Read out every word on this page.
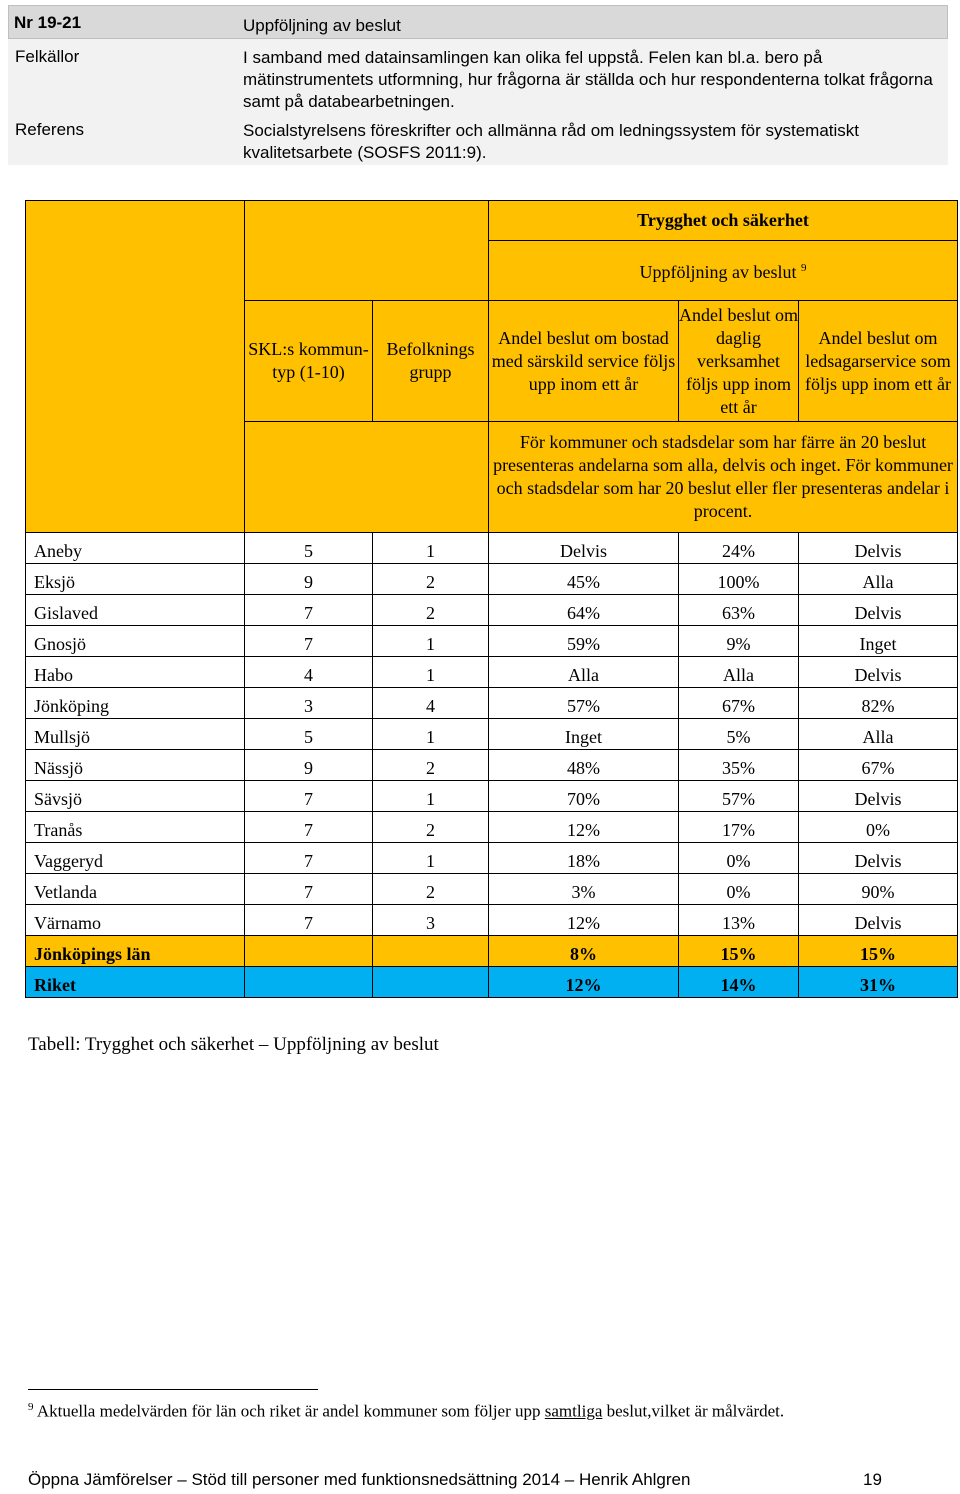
Nr 19-21	Uppföljning av beslut
Felkällor	I samband med datainsamlingen kan olika fel uppstå. Felen kan bl.a. bero på mätinstrumentets utformning, hur frågorna är ställda och hur respondenterna tolkat frågorna samt på databearbetningen.
Referens	Socialstyrelsens föreskrifter och allmänna råd om ledningssystem för systematiskt kvalitetsarbete (SOSFS 2011:9).
			Trygghet och säkerhet		
			Uppföljning av beslut $^9$
	SKL:s kommun-typ (1-10)	Befolknings grupp	Andel beslut om bostad med särskild service följs upp inom ett år	Andel beslut om daglig verksamhet följs upp inom ett år	Andel beslut om ledsagarservice som följs upp inom ett år
			För kommuner och stadsdelar som har färre än 20 beslut presenteras andelarna som alla, delvis och inget. För kommuner och stadsdelar som har 20 beslut eller fler presenteras andelar i procent.		
Aneby	5	1	Delvis	24%	Delvis
Eksjö	9	2	45%	100%	Alla
Gislaved	7	2	64%	63%	Delvis
Gnosjö	7	1	59%	9%	Inget
Habo	4	1	Alla	Alla	Delvis
Jönköping	3	4	57%	67%	82%
Mullsjö	5	1	Inget	5%	Alla
Nässjö	9	2	48%	35%	67%
Sävsjö	7	1	70%	57%	Delvis
Tranås	7	2	12%	17%	0%
Vaggeryd	7	1	18%	0%	Delvis
Vetlanda	7	2	3%	0%	90%
Värnamo	7	3	12%	13%	Delvis
Jönköpings län			8%	15%	15%
Riket			12%	14%	31%
Tabell: Trygghet och säkerhet – Uppföljning av beslut
$^9$ Aktuella medelvärden för län och riket är andel kommuner som följer upp samtliga beslut,vilket är målvärdet.
Öppna Jämförelser – Stöd till personer med funktionsnedsättning 2014 – Henrik Ahlgren	19
